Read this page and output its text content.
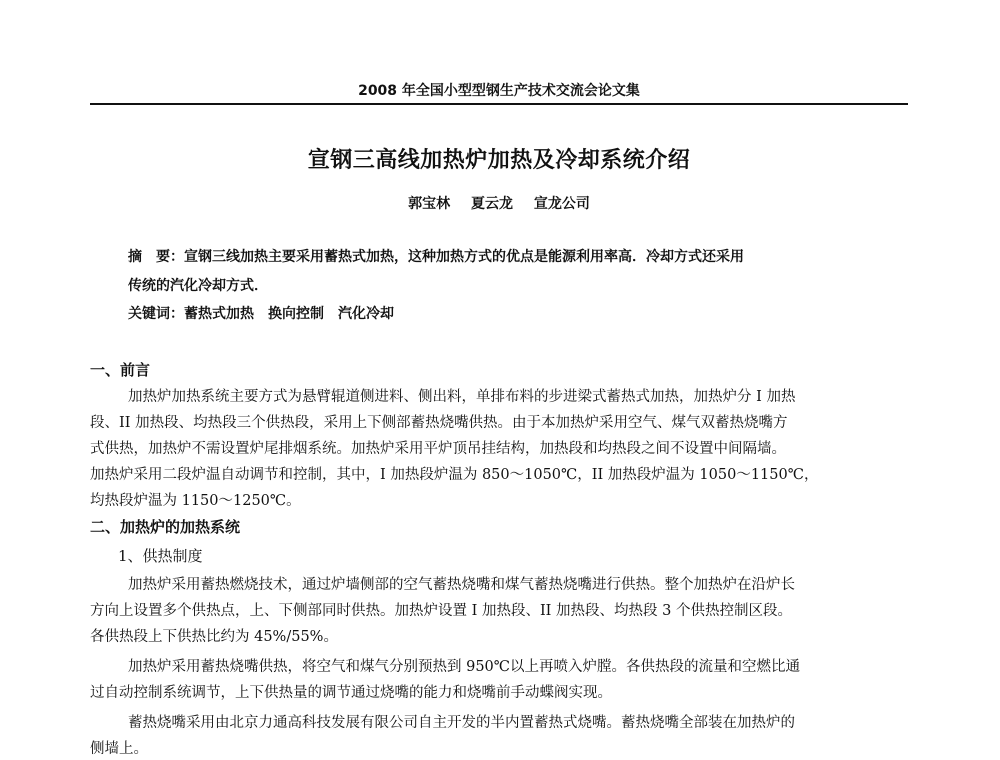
2008 年全国小型型钢生产技术交流会论文集
宣钢三高线加热炉加热及冷却系统介绍
郭宝林 夏云龙 宣龙公司
摘　要：宣钢三线加热主要采用蓄热式加热，这种加热方式的优点是能源利用率高．冷却方式还采用
传统的汽化冷却方式．
关键词：蓄热式加热　换向控制　汽化冷却
一、前言
加热炉加热系统主要方式为悬臂辊道侧进料、侧出料，单排布料的步进梁式蓄热式加热，加热炉分 I 加热
段、II 加热段、均热段三个供热段，采用上下侧部蓄热烧嘴供热。由于本加热炉采用空气、煤气双蓄热烧嘴方
式供热，加热炉不需设置炉尾排烟系统。加热炉采用平炉顶吊挂结构，加热段和均热段之间不设置中间隔墙。
加热炉采用二段炉温自动调节和控制，其中，I 加热段炉温为 850～1050℃，II 加热段炉温为 1050～1150℃，
均热段炉温为 1150～1250℃。
二、加热炉的加热系统
1、供热制度
加热炉采用蓄热燃烧技术，通过炉墙侧部的空气蓄热烧嘴和煤气蓄热烧嘴进行供热。整个加热炉在沿炉长
方向上设置多个供热点，上、下侧部同时供热。加热炉设置 I 加热段、II 加热段、均热段 3 个供热控制区段。
各供热段上下供热比约为 45%/55%。
加热炉采用蓄热烧嘴供热，将空气和煤气分别预热到 950℃以上再喷入炉膛。各供热段的流量和空燃比通
过自动控制系统调节，上下供热量的调节通过烧嘴的能力和烧嘴前手动蝶阀实现。
蓄热烧嘴采用由北京力通高科技发展有限公司自主开发的半内置蓄热式烧嘴。蓄热烧嘴全部装在加热炉的
侧墙上。
